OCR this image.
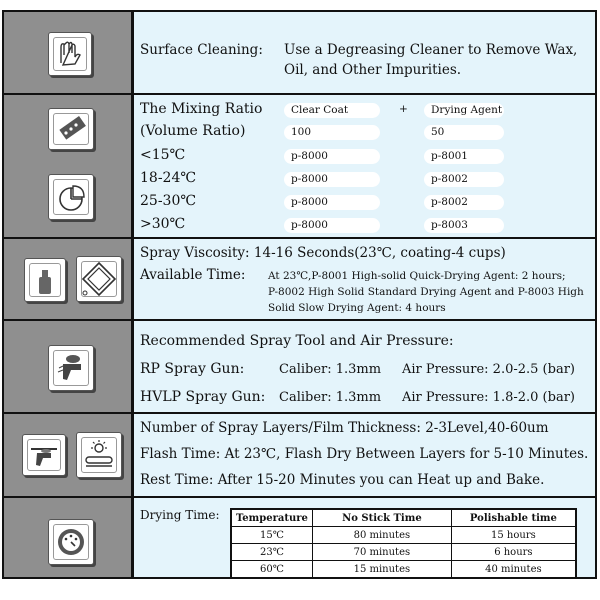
Surface Cleaning: Use a Degreasing Cleaner to Remove Wax,
Oil, and Other Impurities.
The Mixing Ratio
(Volume Ratio)
Clear Coat	+	Drying Agent
100	50
<15℃	p-8000	p-8001
18-24℃	p-8000	p-8002
25-30℃	p-8000	p-8002
>30℃	p-8000	p-8003
Spray Viscosity: 14-16 Seconds(23℃, coating-4 cups)
Available Time: At 23℃,P-8001 High-solid Quick-Drying Agent: 2 hours;
P-8002 High Solid Standard Drying Agent and P-8003 High
Solid Slow Drying Agent: 4 hours
Recommended Spray Tool and Air Pressure:
RP Spray Gun:	Caliber: 1.3mm Air Pressure: 2.0-2.5 (bar)
HVLP Spray Gun: Caliber: 1.3mm Air Pressure: 1.8-2.0 (bar)
Number of Spray Layers/Film Thickness: 2-3Level,40-60um
Flash Time: At 23℃, Flash Dry Between Layers for 5-10 Minutes.
Rest Time: After 15-20 Minutes you can Heat up and Bake.
Drying Time: Temperature	No Stick Time	Polishable time
15℃	80 minutes	15 hours
23℃	70 minutes	6 hours
60℃	15 minutes	40 minutes
